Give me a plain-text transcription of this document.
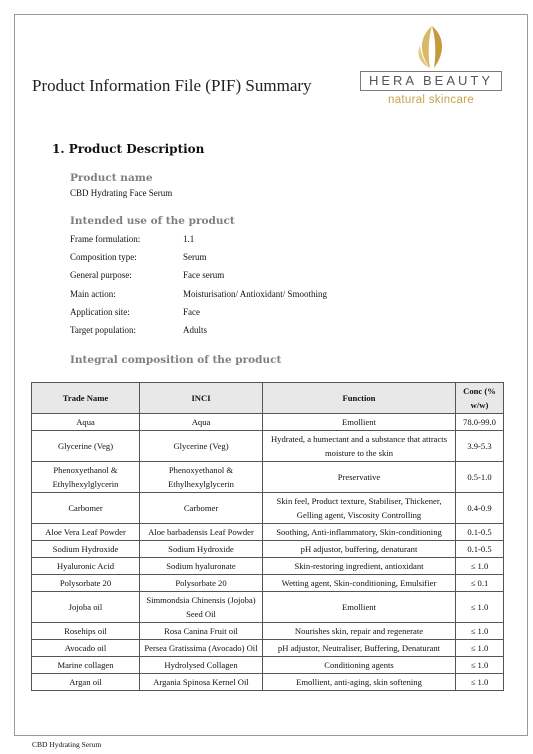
Product Information File (PIF) Summary	HERA BEAUTY
natural skincare
1. Product Description
Product name
CBD Hydrating Face Serum
Intended use of the product
Frame formulation:	1.1
Composition type:	Serum
General purpose:	Face serum
Main action:	Moisturisation/ Antioxidant/ Smoothing
Application site:	Face
Target population:	Adults
Integral composition of the product
Trade Name	INCI	Function	Conc (% w/w)
Aqua	Aqua	Emollient	78.0-99.0
Glycerine (Veg)	Glycerine (Veg)	Hydrated, a humectant and a substance that attracts moisture to the skin	3.9-5.3
Phenoxyethanol & Ethylhexylglycerin	Phenoxyethanol & Ethylhexylglycerin	Preservative	0.5-1.0
Carbomer	Carbomer	Skin feel, Product texture, Stabiliser, Thickener, Gelling agent, Viscosity Controlling	0.4-0.9
Aloe Vera Leaf Powder	Aloe barbadensis Leaf Powder	Soothing, Anti-inflammatory, Skin-conditioning	0.1-0.5
Sodium Hydroxide	Sodium Hydroxide	pH adjustor, buffering, denaturant	0.1-0.5
Hyaluronic Acid	Sodium hyaluronate	Skin-restoring ingredient, antioxidant	≤ 1.0
Polysorbate 20	Polysorbate 20	Wetting agent, Skin-conditioning, Emulsifier	≤ 0.1
Jojoba oil	Simmondsia Chinensis (Jojoba) Seed Oil	Emollient	≤ 1.0
Rosehips oil	Rosa Canina Fruit oil	Nourishes skin, repair and regenerate	≤ 1.0
Avocado oil	Persea Gratissima (Avocado) Oil	pH adjustor, Neutraliser, Buffering, Denaturant	≤ 1.0
Marine collagen	Hydrolysed Collagen	Conditioning agents	≤ 1.0
Argan oil	Argania Spinosa Kernel Oil	Emollient, anti-aging, skin softening	≤ 1.0
CBD Hydrating Serum
